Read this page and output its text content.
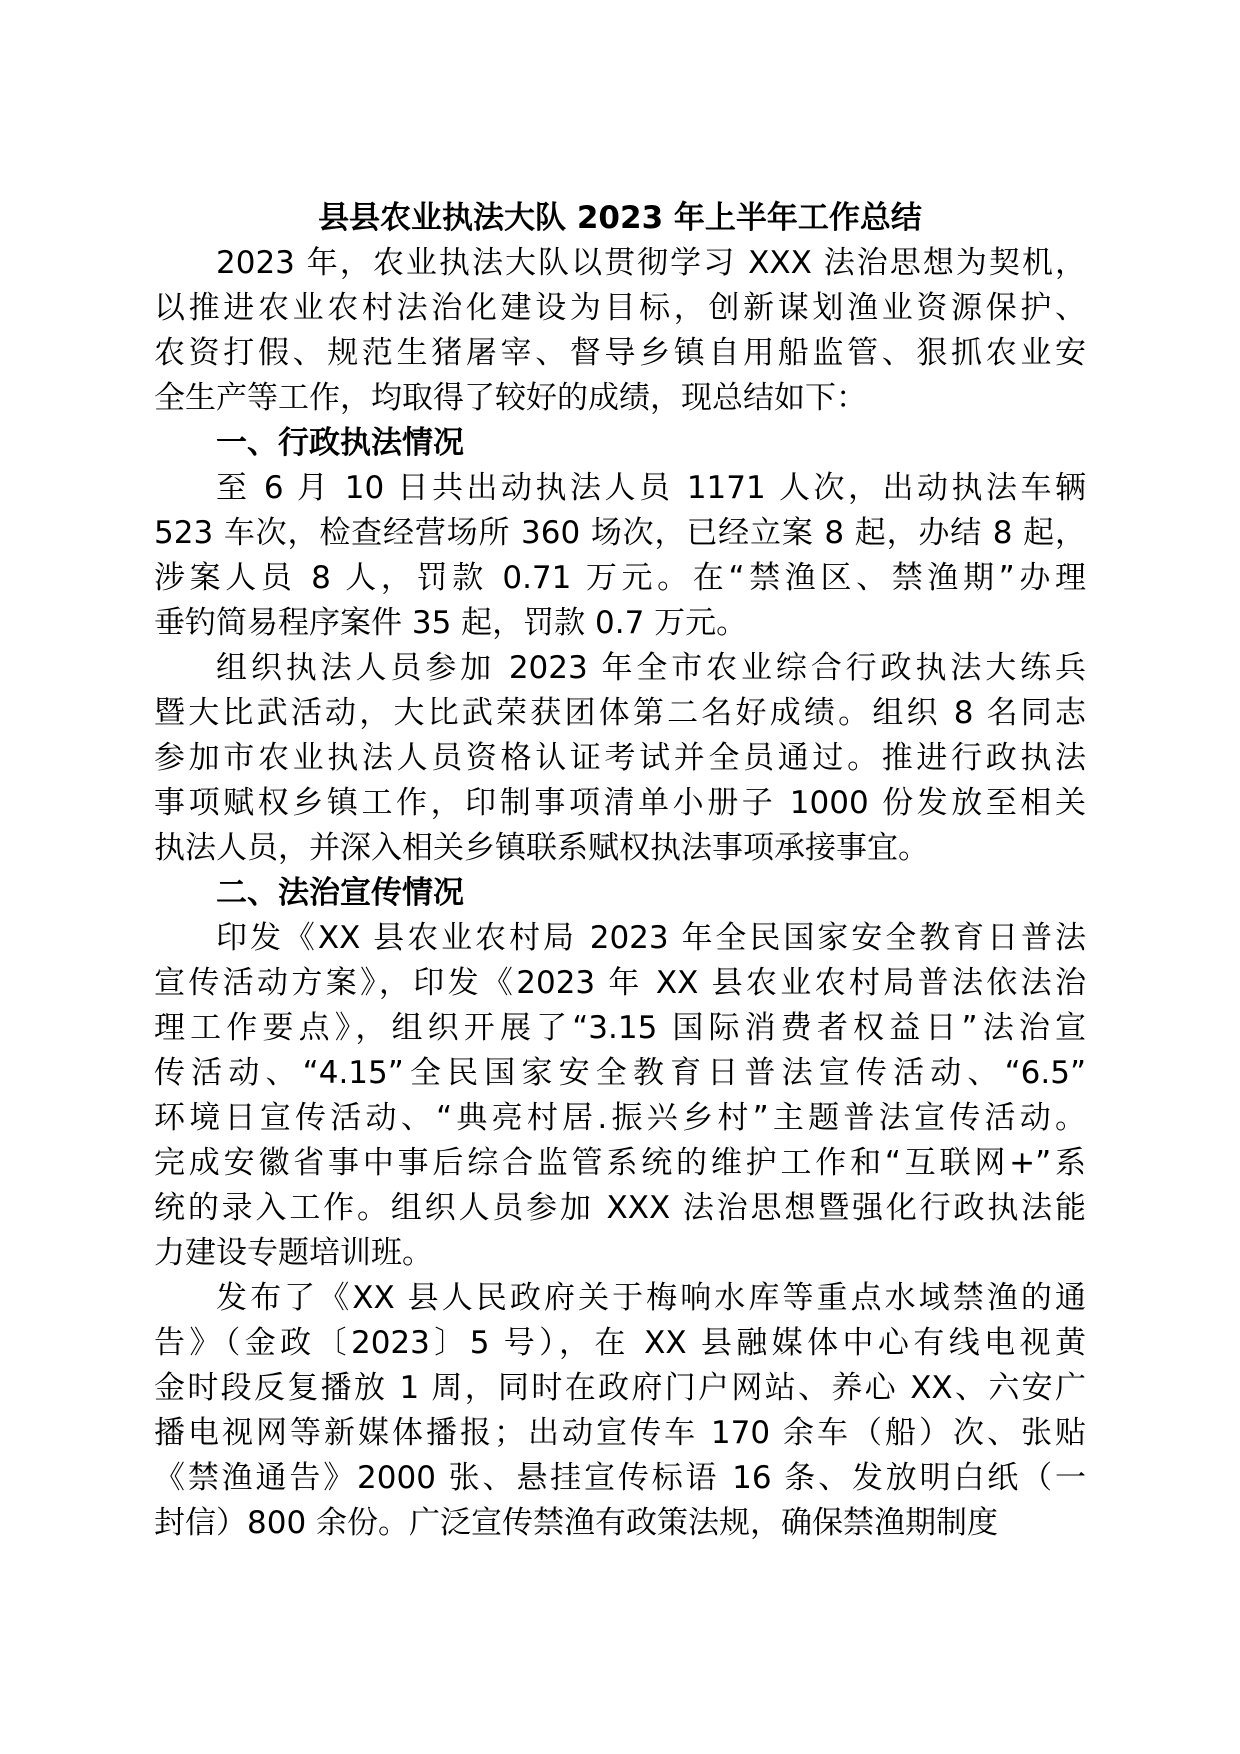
县县农业执法大队 2023 年上半年工作总结
2023 年，农业执法大队以贯彻学习 XXX 法治思想为契机，
以推进农业农村法治化建设为目标，创新谋划渔业资源保护、
农资打假、规范生猪屠宰、督导乡镇自用船监管、狠抓农业安
全生产等工作，均取得了较好的成绩，现总结如下：
一、行政执法情况
至 6 月 10 日共出动执法人员 1171 人次，出动执法车辆
523 车次，检查经营场所 360 场次，已经立案 8 起，办结 8 起，
涉案人员 8 人，罚款 0.71 万元。在“禁渔区、禁渔期”办理
垂钓简易程序案件 35 起，罚款 0.7 万元。
组织执法人员参加 2023 年全市农业综合行政执法大练兵
暨大比武活动，大比武荣获团体第二名好成绩。组织 8 名同志
参加市农业执法人员资格认证考试并全员通过。推进行政执法
事项赋权乡镇工作，印制事项清单小册子 1000 份发放至相关
执法人员，并深入相关乡镇联系赋权执法事项承接事宜。
二、法治宣传情况
印发《XX 县农业农村局 2023 年全民国家安全教育日普法
宣传活动方案》，印发《2023 年 XX 县农业农村局普法依法治
理工作要点》，组织开展了“3.15 国际消费者权益日”法治宣
传活动、“4.15”全民国家安全教育日普法宣传活动、“6.5”
环境日宣传活动、“典亮村居.振兴乡村”主题普法宣传活动。
完成安徽省事中事后综合监管系统的维护工作和“互联网+”系
统的录入工作。组织人员参加 XXX 法治思想暨强化行政执法能
力建设专题培训班。
发布了《XX 县人民政府关于梅响水库等重点水域禁渔的通
告》（金政〔2023〕5 号），在 XX 县融媒体中心有线电视黄
金时段反复播放 1 周，同时在政府门户网站、养心 XX、六安广
播电视网等新媒体播报；出动宣传车 170 余车（船）次、张贴
《禁渔通告》2000 张、悬挂宣传标语 16 条、发放明白纸（一
封信）800 余份。广泛宣传禁渔有政策法规，确保禁渔期制度
